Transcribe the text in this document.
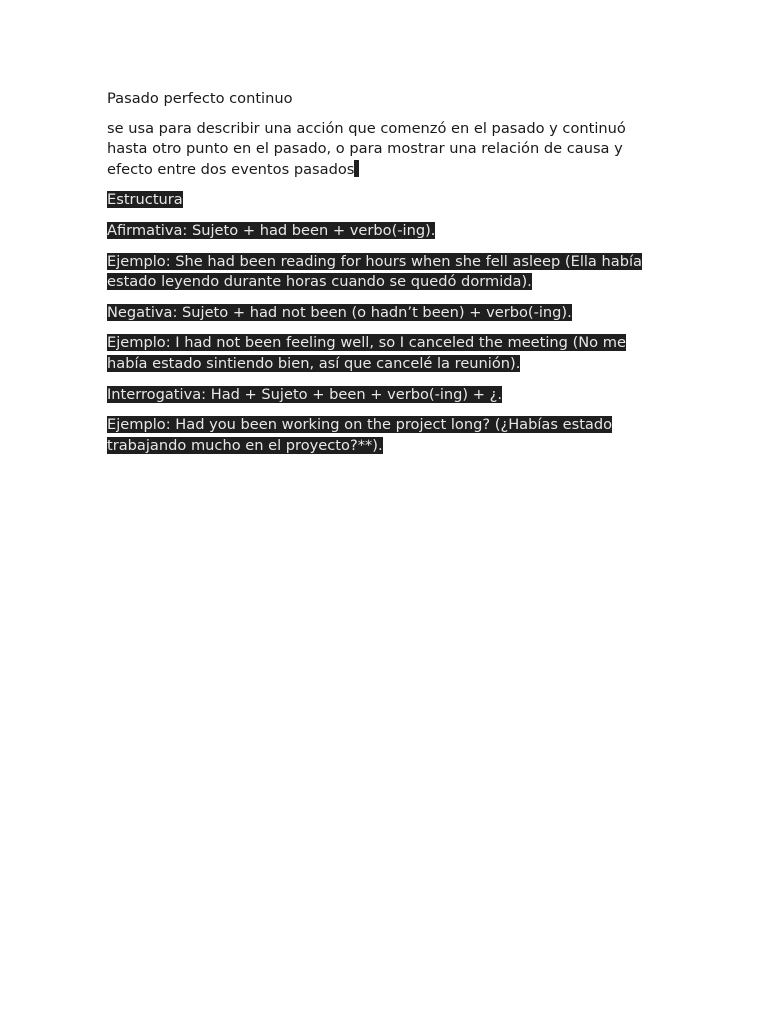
Pasado perfecto continuo

se usa para describir una acción que comenzó en el pasado y continuó hasta otro punto en el pasado, o para mostrar una relación de causa y efecto entre dos eventos pasados

Estructura

Afirmativa: Sujeto + had been + verbo(-ing).

Ejemplo: She had been reading for hours when she fell asleep (Ella había estado leyendo durante horas cuando se quedó dormida).

Negativa: Sujeto + had not been (o hadn’t been) + verbo(-ing).

Ejemplo: I had not been feeling well, so I canceled the meeting (No me había estado sintiendo bien, así que cancelé la reunión).

Interrogativa: Had + Sujeto + been + verbo(-ing) + ¿.

Ejemplo: Had you been working on the project long? (¿Habías estado trabajando mucho en el proyecto?**).
